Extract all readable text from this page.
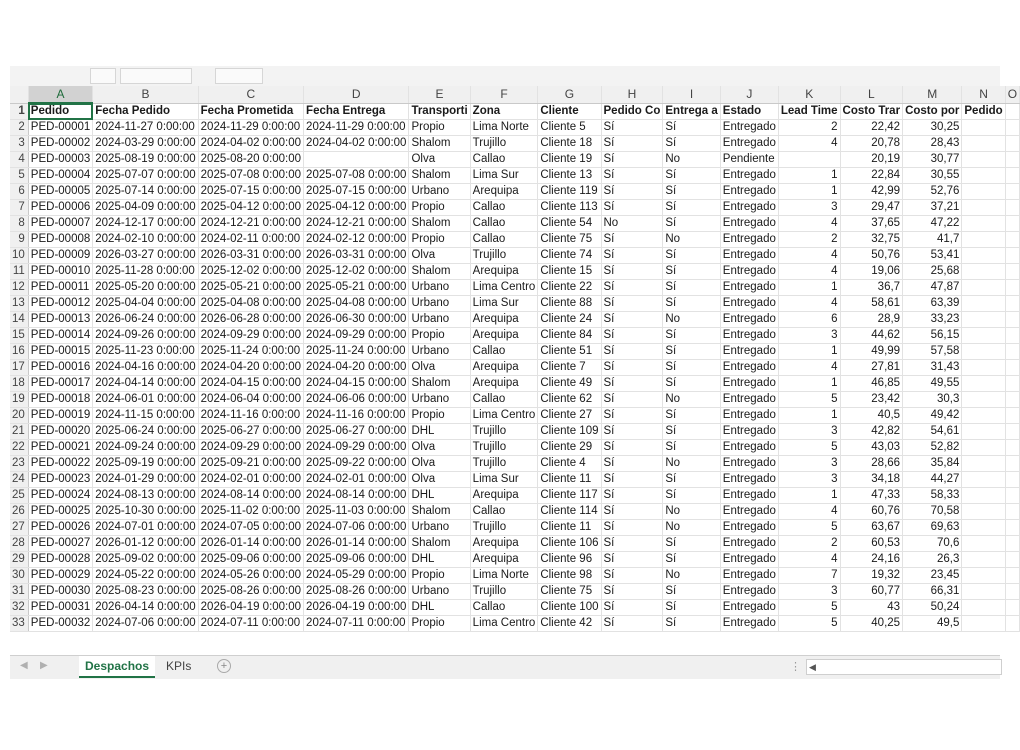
	A	B	C	D	E	F	G	H	I	J	K	L	M	N	O
1	Pedido	Fecha Pedido	Fecha Prometida	Fecha Entrega	Transporti	Zona	Cliente	Pedido Co	Entrega a	Estado	Lead Time	Costo Trar	Costo por	Pedido	
2	PED-00001	2024-11-27 0:00:00	2024-11-29 0:00:00	2024-11-29 0:00:00	Propio	Lima Norte	Cliente 5	Sí	Sí	Entregado	2	22,42	30,25		
3	PED-00002	2024-03-29 0:00:00	2024-04-02 0:00:00	2024-04-02 0:00:00	Shalom	Trujillo	Cliente 18	Sí	Sí	Entregado	4	20,78	28,43		
4	PED-00003	2025-08-19 0:00:00	2025-08-20 0:00:00		Olva	Callao	Cliente 19	Sí	No	Pendiente		20,19	30,77		
5	PED-00004	2025-07-07 0:00:00	2025-07-08 0:00:00	2025-07-08 0:00:00	Shalom	Lima Sur	Cliente 13	Sí	Sí	Entregado	1	22,84	30,55		
6	PED-00005	2025-07-14 0:00:00	2025-07-15 0:00:00	2025-07-15 0:00:00	Urbano	Arequipa	Cliente 119	Sí	Sí	Entregado	1	42,99	52,76		
7	PED-00006	2025-04-09 0:00:00	2025-04-12 0:00:00	2025-04-12 0:00:00	Propio	Callao	Cliente 113	Sí	Sí	Entregado	3	29,47	37,21		
8	PED-00007	2024-12-17 0:00:00	2024-12-21 0:00:00	2024-12-21 0:00:00	Shalom	Callao	Cliente 54	No	Sí	Entregado	4	37,65	47,22		
9	PED-00008	2024-02-10 0:00:00	2024-02-11 0:00:00	2024-02-12 0:00:00	Propio	Callao	Cliente 75	Sí	No	Entregado	2	32,75	41,7		
10	PED-00009	2026-03-27 0:00:00	2026-03-31 0:00:00	2026-03-31 0:00:00	Olva	Trujillo	Cliente 74	Sí	Sí	Entregado	4	50,76	53,41		
11	PED-00010	2025-11-28 0:00:00	2025-12-02 0:00:00	2025-12-02 0:00:00	Shalom	Arequipa	Cliente 15	Sí	Sí	Entregado	4	19,06	25,68		
12	PED-00011	2025-05-20 0:00:00	2025-05-21 0:00:00	2025-05-21 0:00:00	Urbano	Lima Centro	Cliente 22	Sí	Sí	Entregado	1	36,7	47,87		
13	PED-00012	2025-04-04 0:00:00	2025-04-08 0:00:00	2025-04-08 0:00:00	Urbano	Lima Sur	Cliente 88	Sí	Sí	Entregado	4	58,61	63,39		
14	PED-00013	2026-06-24 0:00:00	2026-06-28 0:00:00	2026-06-30 0:00:00	Urbano	Arequipa	Cliente 24	Sí	No	Entregado	6	28,9	33,23		
15	PED-00014	2024-09-26 0:00:00	2024-09-29 0:00:00	2024-09-29 0:00:00	Propio	Arequipa	Cliente 84	Sí	Sí	Entregado	3	44,62	56,15		
16	PED-00015	2025-11-23 0:00:00	2025-11-24 0:00:00	2025-11-24 0:00:00	Urbano	Callao	Cliente 51	Sí	Sí	Entregado	1	49,99	57,58		
17	PED-00016	2024-04-16 0:00:00	2024-04-20 0:00:00	2024-04-20 0:00:00	Olva	Arequipa	Cliente 7	Sí	Sí	Entregado	4	27,81	31,43		
18	PED-00017	2024-04-14 0:00:00	2024-04-15 0:00:00	2024-04-15 0:00:00	Shalom	Arequipa	Cliente 49	Sí	Sí	Entregado	1	46,85	49,55		
19	PED-00018	2024-06-01 0:00:00	2024-06-04 0:00:00	2024-06-06 0:00:00	Urbano	Callao	Cliente 62	Sí	No	Entregado	5	23,42	30,3		
20	PED-00019	2024-11-15 0:00:00	2024-11-16 0:00:00	2024-11-16 0:00:00	Propio	Lima Centro	Cliente 27	Sí	Sí	Entregado	1	40,5	49,42		
21	PED-00020	2025-06-24 0:00:00	2025-06-27 0:00:00	2025-06-27 0:00:00	DHL	Trujillo	Cliente 109	Sí	Sí	Entregado	3	42,82	54,61		
22	PED-00021	2024-09-24 0:00:00	2024-09-29 0:00:00	2024-09-29 0:00:00	Olva	Trujillo	Cliente 29	Sí	Sí	Entregado	5	43,03	52,82		
23	PED-00022	2025-09-19 0:00:00	2025-09-21 0:00:00	2025-09-22 0:00:00	Olva	Trujillo	Cliente 4	Sí	No	Entregado	3	28,66	35,84		
24	PED-00023	2024-01-29 0:00:00	2024-02-01 0:00:00	2024-02-01 0:00:00	Olva	Lima Sur	Cliente 11	Sí	Sí	Entregado	3	34,18	44,27		
25	PED-00024	2024-08-13 0:00:00	2024-08-14 0:00:00	2024-08-14 0:00:00	DHL	Arequipa	Cliente 117	Sí	Sí	Entregado	1	47,33	58,33		
26	PED-00025	2025-10-30 0:00:00	2025-11-02 0:00:00	2025-11-03 0:00:00	Shalom	Callao	Cliente 114	Sí	No	Entregado	4	60,76	70,58		
27	PED-00026	2024-07-01 0:00:00	2024-07-05 0:00:00	2024-07-06 0:00:00	Urbano	Trujillo	Cliente 11	Sí	No	Entregado	5	63,67	69,63		
28	PED-00027	2026-01-12 0:00:00	2026-01-14 0:00:00	2026-01-14 0:00:00	Shalom	Arequipa	Cliente 106	Sí	Sí	Entregado	2	60,53	70,6		
29	PED-00028	2025-09-02 0:00:00	2025-09-06 0:00:00	2025-09-06 0:00:00	DHL	Arequipa	Cliente 96	Sí	Sí	Entregado	4	24,16	26,3		
30	PED-00029	2024-05-22 0:00:00	2024-05-26 0:00:00	2024-05-29 0:00:00	Propio	Lima Norte	Cliente 98	Sí	No	Entregado	7	19,32	23,45		
31	PED-00030	2025-08-23 0:00:00	2025-08-26 0:00:00	2025-08-26 0:00:00	Urbano	Trujillo	Cliente 75	Sí	Sí	Entregado	3	60,77	66,31		
32	PED-00031	2026-04-14 0:00:00	2026-04-19 0:00:00	2026-04-19 0:00:00	DHL	Callao	Cliente 100	Sí	Sí	Entregado	5	43	50,24		
33	PED-00032	2024-07-06 0:00:00	2024-07-11 0:00:00	2024-07-11 0:00:00	Propio	Lima Centro	Cliente 42	Sí	Sí	Entregado	5	40,25	49,5		
◀ ▶	Despachos	KPIs	+	⋮ ◀
